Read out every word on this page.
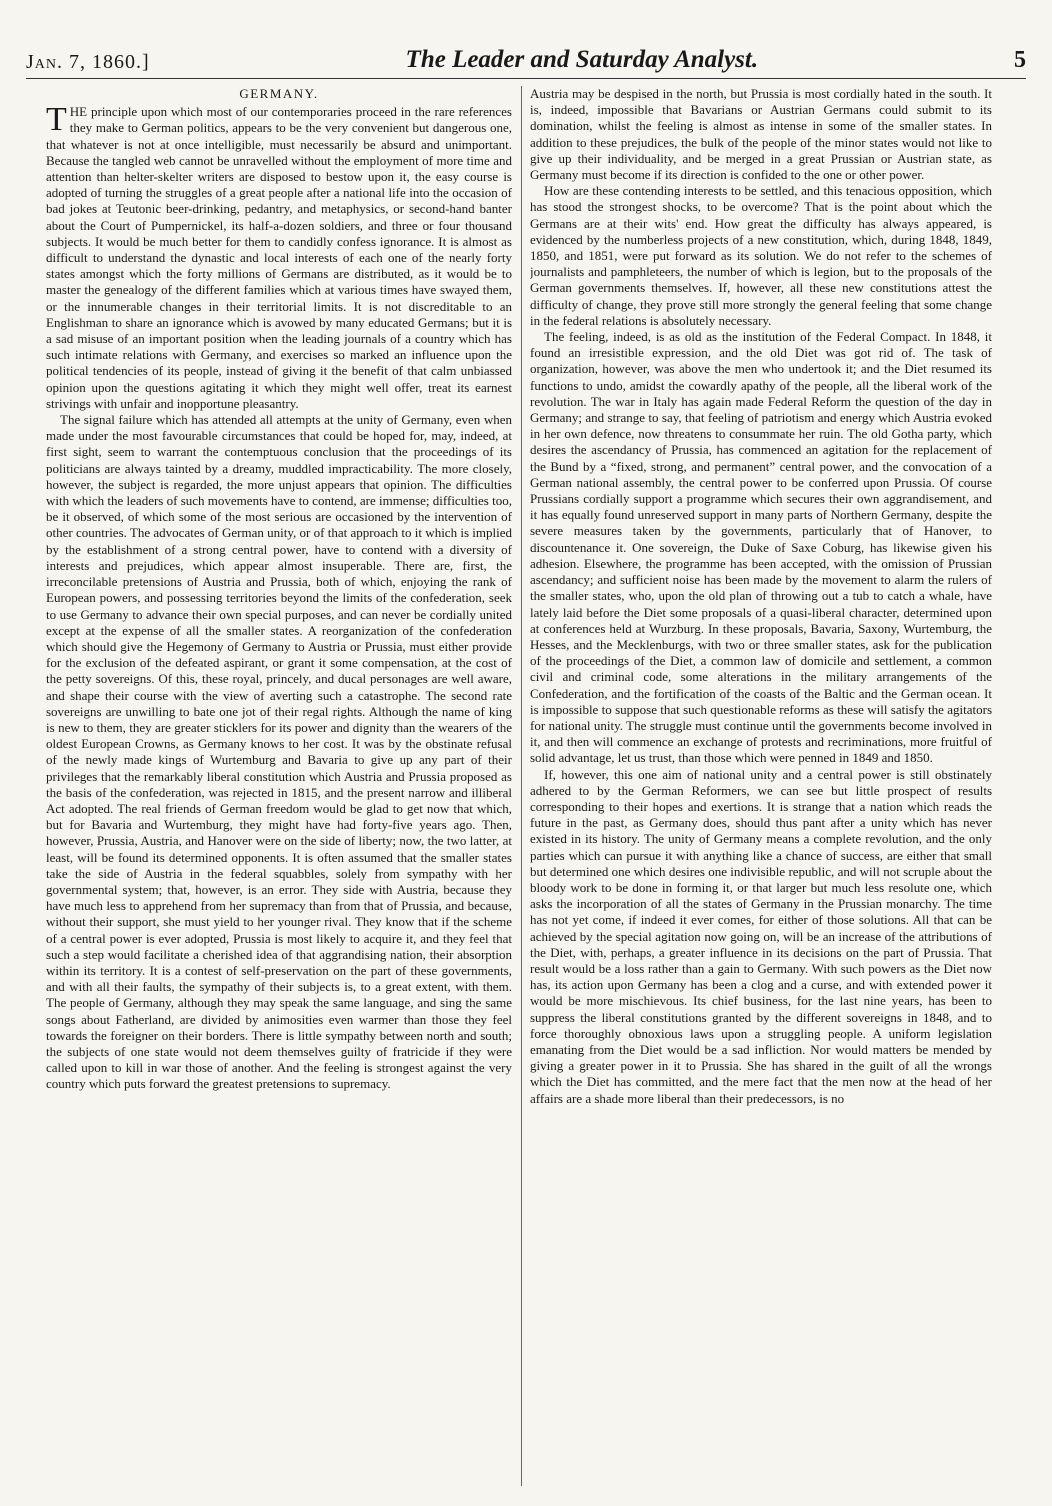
Jan. 7, 1860.]	The Leader and Saturday Analyst.	5
GERMANY.

THE principle upon which most of our contemporaries proceed in the rare references they make to German politics, appears to be the very convenient but dangerous one, that whatever is not at once intelligible, must necessarily be absurd and unimportant. Because the tangled web cannot be unravelled without the employment of more time and attention than helter-skelter writers are disposed to bestow upon it, the easy course is adopted of turning the struggles of a great people after a national life into the occasion of bad jokes at Teutonic beer-drinking, pedantry, and metaphysics, or second-hand banter about the Court of Pumpernickel, its half-a-dozen soldiers, and three or four thousand subjects. It would be much better for them to candidly confess ignorance. It is almost as difficult to understand the dynastic and local interests of each one of the nearly forty states amongst which the forty millions of Germans are distributed, as it would be to master the genealogy of the different families which at various times have swayed them, or the innumerable changes in their territorial limits. It is not discreditable to an Englishman to share an ignorance which is avowed by many educated Germans; but it is a sad misuse of an important position when the leading journals of a country which has such intimate relations with Germany, and exercises so marked an influence upon the political tendencies of its people, instead of giving it the benefit of that calm unbiassed opinion upon the questions agitating it which they might well offer, treat its earnest strivings with unfair and inopportune pleasantry.

The signal failure which has attended all attempts at the unity of Germany, even when made under the most favourable circumstances that could be hoped for, may, indeed, at first sight, seem to warrant the contemptuous conclusion that the proceedings of its politicians are always tainted by a dreamy, muddled impracticability. The more closely, however, the subject is regarded, the more unjust appears that opinion. The difficulties with which the leaders of such movements have to contend, are immense; difficulties too, be it observed, of which some of the most serious are occasioned by the intervention of other countries. The advocates of German unity, or of that approach to it which is implied by the establishment of a strong central power, have to contend with a diversity of interests and prejudices, which appear almost insuperable. There are, first, the irreconcilable pretensions of Austria and Prussia, both of which, enjoying the rank of European powers, and possessing territories beyond the limits of the confederation, seek to use Germany to advance their own special purposes, and can never be cordially united except at the expense of all the smaller states. A reorganization of the confederation which should give the Hegemony of Germany to Austria or Prussia, must either provide for the exclusion of the defeated aspirant, or grant it some compensation, at the cost of the petty sovereigns. Of this, these royal, princely, and ducal personages are well aware, and shape their course with the view of averting such a catastrophe. The second rate sovereigns are unwilling to bate one jot of their regal rights. Although the name of king is new to them, they are greater sticklers for its power and dignity than the wearers of the oldest European Crowns, as Germany knows to her cost. It was by the obstinate refusal of the newly made kings of Wurtemburg and Bavaria to give up any part of their privileges that the remarkably liberal constitution which Austria and Prussia proposed as the basis of the confederation, was rejected in 1815, and the present narrow and illiberal Act adopted. The real friends of German freedom would be glad to get now that which, but for Bavaria and Wurtemburg, they might have had forty-five years ago. Then, however, Prussia, Austria, and Hanover were on the side of liberty; now, the two latter, at least, will be found its determined opponents. It is often assumed that the smaller states take the side of Austria in the federal squabbles, solely from sympathy with her governmental system; that, however, is an error. They side with Austria, because they have much less to apprehend from her supremacy than from that of Prussia, and because, without their support, she must yield to her younger rival. They know that if the scheme of a central power is ever adopted, Prussia is most likely to acquire it, and they feel that such a step would facilitate a cherished idea of that aggrandising nation, their absorption within its territory. It is a contest of self-preservation on the part of these governments, and with all their faults, the sympathy of their subjects is, to a great extent, with them. The people of Germany, although they may speak the same language, and sing the same songs about Fatherland, are divided by animosities even warmer than those they feel towards the foreigner on their borders. There is little sympathy between north and south; the subjects of one state would not deem themselves guilty of fratricide if they were called upon to kill in war those of another. And the feeling is strongest against the very country which puts forward the greatest pretensions to supremacy.

Austria may be despised in the north, but Prussia is most cordially hated in the south. It is, indeed, impossible that Bavarians or Austrian Germans could submit to its domination, whilst the feeling is almost as intense in some of the smaller states. In addition to these prejudices, the bulk of the people of the minor states would not like to give up their individuality, and be merged in a great Prussian or Austrian state, as Germany must become if its direction is confided to the one or other power.

How are these contending interests to be settled, and this tenacious opposition, which has stood the strongest shocks, to be overcome? That is the point about which the Germans are at their wits' end. How great the difficulty has always appeared, is evidenced by the numberless projects of a new constitution, which, during 1848, 1849, 1850, and 1851, were put forward as its solution. We do not refer to the schemes of journalists and pamphleteers, the number of which is legion, but to the proposals of the German governments themselves. If, however, all these new constitutions attest the difficulty of change, they prove still more strongly the general feeling that some change in the federal relations is absolutely necessary.

The feeling, indeed, is as old as the institution of the Federal Compact. In 1848, it found an irresistible expression, and the old Diet was got rid of. The task of organization, however, was above the men who undertook it; and the Diet resumed its functions to undo, amidst the cowardly apathy of the people, all the liberal work of the revolution. The war in Italy has again made Federal Reform the question of the day in Germany; and strange to say, that feeling of patriotism and energy which Austria evoked in her own defence, now threatens to consummate her ruin. The old Gotha party, which desires the ascendancy of Prussia, has commenced an agitation for the replacement of the Bund by a “fixed, strong, and permanent” central power, and the convocation of a German national assembly, the central power to be conferred upon Prussia. Of course Prussians cordially support a programme which secures their own aggrandisement, and it has equally found unreserved support in many parts of Northern Germany, despite the severe measures taken by the governments, particularly that of Hanover, to discountenance it. One sovereign, the Duke of Saxe Coburg, has likewise given his adhesion. Elsewhere, the programme has been accepted, with the omission of Prussian ascendancy; and sufficient noise has been made by the movement to alarm the rulers of the smaller states, who, upon the old plan of throwing out a tub to catch a whale, have lately laid before the Diet some proposals of a quasi-liberal character, determined upon at conferences held at Wurzburg. In these proposals, Bavaria, Saxony, Wurtemburg, the Hesses, and the Mecklenburgs, with two or three smaller states, ask for the publication of the proceedings of the Diet, a common law of domicile and settlement, a common civil and criminal code, some alterations in the military arrangements of the Confederation, and the fortification of the coasts of the Baltic and the German ocean. It is impossible to suppose that such questionable reforms as these will satisfy the agitators for national unity. The struggle must continue until the governments become involved in it, and then will commence an exchange of protests and recriminations, more fruitful of solid advantage, let us trust, than those which were penned in 1849 and 1850.

If, however, this one aim of national unity and a central power is still obstinately adhered to by the German Reformers, we can see but little prospect of results corresponding to their hopes and exertions. It is strange that a nation which reads the future in the past, as Germany does, should thus pant after a unity which has never existed in its history. The unity of Germany means a complete revolution, and the only parties which can pursue it with anything like a chance of success, are either that small but determined one which desires one indivisible republic, and will not scruple about the bloody work to be done in forming it, or that larger but much less resolute one, which asks the incorporation of all the states of Germany in the Prussian monarchy. The time has not yet come, if indeed it ever comes, for either of those solutions. All that can be achieved by the special agitation now going on, will be an increase of the attributions of the Diet, with, perhaps, a greater influence in its decisions on the part of Prussia. That result would be a loss rather than a gain to Germany. With such powers as the Diet now has, its action upon Germany has been a clog and a curse, and with extended power it would be more mischievous. Its chief business, for the last nine years, has been to suppress the liberal constitutions granted by the different sovereigns in 1848, and to force thoroughly obnoxious laws upon a struggling people. A uniform legislation emanating from the Diet would be a sad infliction. Nor would matters be mended by giving a greater power in it to Prussia. She has shared in the guilt of all the wrongs which the Diet has committed, and the mere fact that the men now at the head of her affairs are a shade more liberal than their predecessors, is no
